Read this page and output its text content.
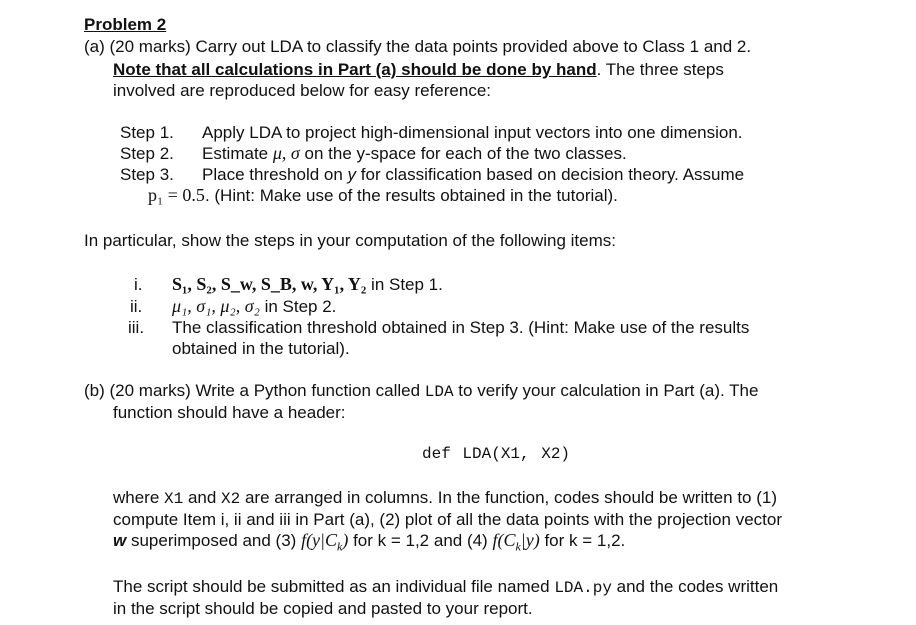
Problem 2
(a) (20 marks) Carry out LDA to classify the data points provided above to Class 1 and 2.
Note that all calculations in Part (a) should be done by hand. The three steps
involved are reproduced below for easy reference:
Step 1. Apply LDA to project high-dimensional input vectors into one dimension.
Step 2. Estimate μ, σ on the y-space for each of the two classes.
Step 3. Place threshold on y for classification based on decision theory. Assume
p₁ = 0.5. (Hint: Make use of the results obtained in the tutorial).
In particular, show the steps in your computation of the following items:
i. S₁, S₂, S_w, S_B, w, Y₁, Y₂ in Step 1.
ii. μ₁, σ₁, μ₂, σ₂ in Step 2.
iii. The classification threshold obtained in Step 3. (Hint: Make use of the results
obtained in the tutorial).
(b) (20 marks) Write a Python function called LDA to verify your calculation in Part (a). The
function should have a header:
def LDA(X1, X2)
where X1 and X2 are arranged in columns. In the function, codes should be written to (1)
compute Item i, ii and iii in Part (a), (2) plot of all the data points with the projection vector
w superimposed and (3) $f(y|C_k)$ for k = 1,2 and (4) $f(C_k|y)$ for k = 1,2.
The script should be submitted as an individual file named LDA.py and the codes written
in the script should be copied and pasted to your report.
